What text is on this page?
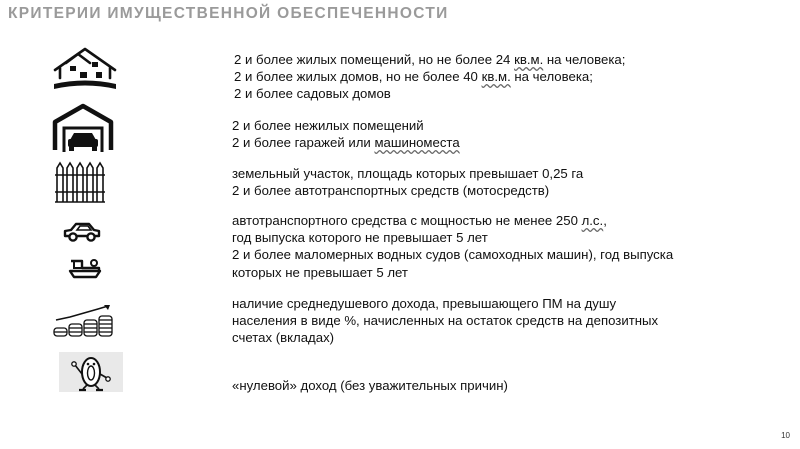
КРИТЕРИИ ИМУЩЕСТВЕННОЙ ОБЕСПЕЧЕННОСТИ
2 и более жилых помещений, но не более 24 кв.м. на человека;
2 и более жилых домов, но не более 40 кв.м. на человека;
2 и более садовых домов
2 и более нежилых помещений
2 и более гаражей или машиноместа
земельный участок, площадь которых превышает 0,25 га
2 и более автотранспортных средств (мотосредств)
автотранспортного средства с мощностью не менее 250 л.с.,
год выпуска которого не превышает 5 лет
2 и более маломерных водных судов (самоходных машин), год выпуска
которых не превышает 5 лет
наличие среднедушевого дохода, превышающего ПМ на душу
населения в виде %, начисленных на остаток средств на депозитных
счетах (вкладах)
«нулевой» доход (без уважительных причин)
10
